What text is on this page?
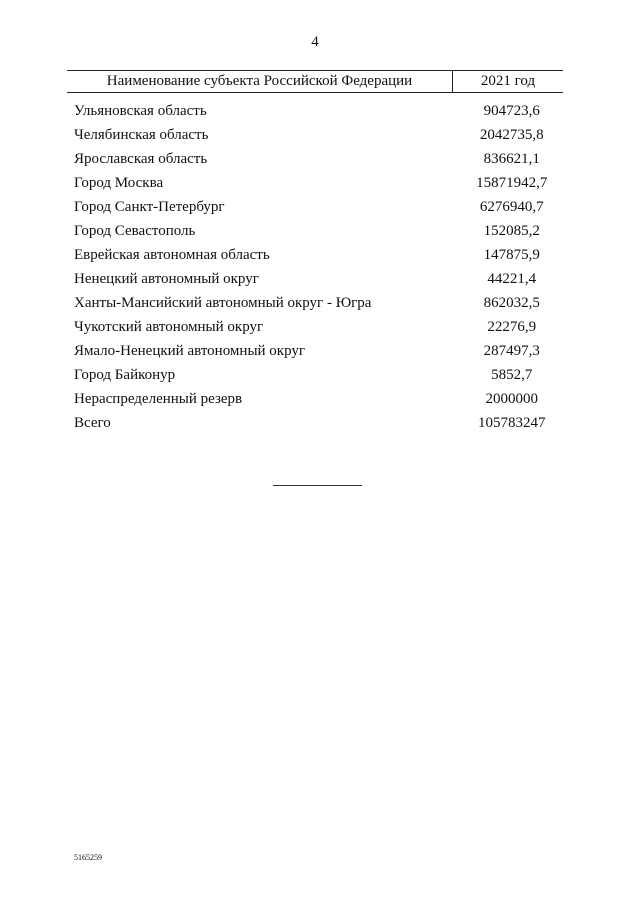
4
Наименование субъекта Российской Федерации	2021 год

Ульяновская область	904723,6
Челябинская область	2042735,8
Ярославская область	836621,1
Город Москва	15871942,7
Город Санкт-Петербург	6276940,7
Город Севастополь	152085,2
Еврейская автономная область	147875,9
Ненецкий автономный округ	44221,4
Ханты-Мансийский автономный округ - Югра	862032,5
Чукотский автономный округ	22276,9
Ямало-Ненецкий автономный округ	287497,3
Город Байконур	5852,7
Нераспределенный резерв	2000000
Всего	105783247
5165259
